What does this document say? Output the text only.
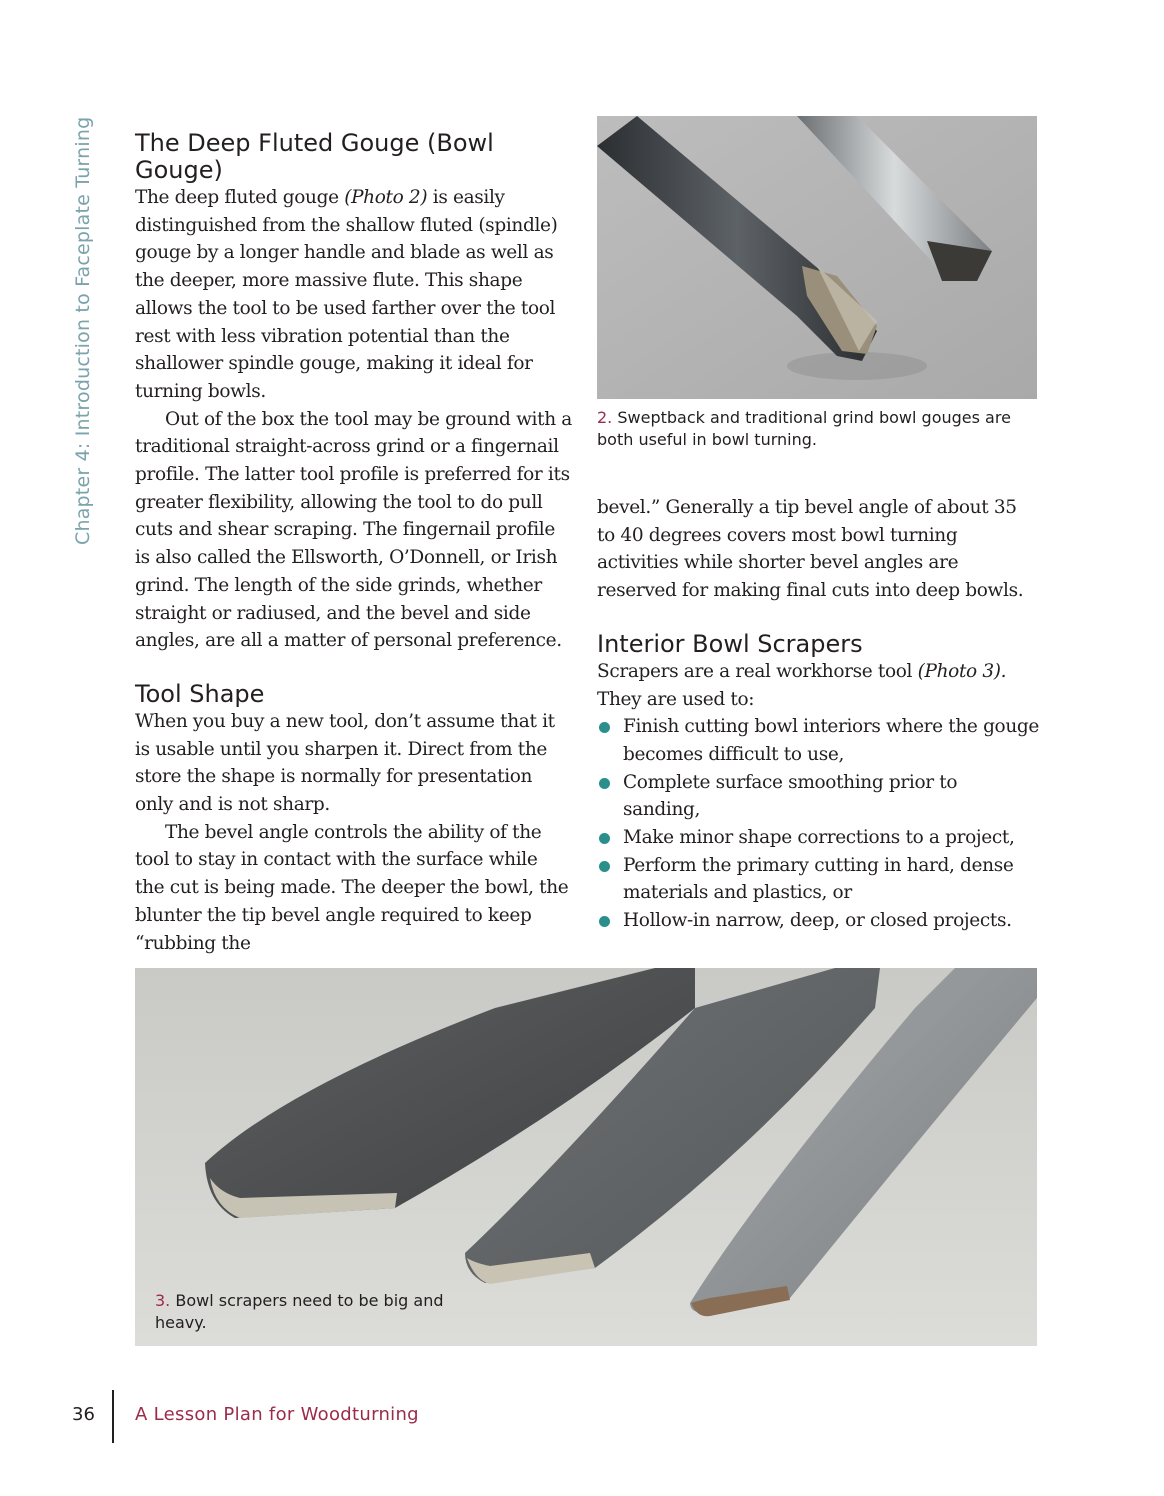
Chapter 4: Introduction to Faceplate Turning The Deep Fluted Gouge (Bowl Gouge)

The deep fluted gouge (Photo 2) is easily distinguished from the shallow fluted (spindle) gouge by a longer handle and blade as well as the deeper, more massive flute. This shape allows the tool to be used farther over the tool rest with less vibration potential than the shallower spindle gouge, making it ideal for turning bowls.

Out of the box the tool may be ground with a traditional straight-across grind or a fingernail profile. The latter tool profile is preferred for its greater flexibility, allowing the tool to do pull cuts and shear scraping. The fingernail profile is also called the Ellsworth, O’Donnell, or Irish grind. The length of the side grinds, whether straight or radiused, and the bevel and side angles, are all a matter of personal preference.

Tool Shape

When you buy a new tool, don’t assume that it is usable until you sharpen it. Direct from the store the shape is normally for presentation only and is not sharp.

The bevel angle controls the ability of the tool to stay in contact with the surface while the cut is being made. The deeper the bowl, the blunter the tip bevel angle required to keep “rubbing the

2. Sweptback and traditional grind bowl gouges are both useful in bowl turning.

bevel.” Generally a tip bevel angle of about 35 to 40 degrees covers most bowl turning activities while shorter bevel angles are reserved for making final cuts into deep bowls.

Interior Bowl Scrapers

Scrapers are a real workhorse tool (Photo 3). They are used to:

Finish cutting bowl interiors where the gouge becomes difficult to use,
Complete surface smoothing prior to sanding,
Make minor shape corrections to a project,
Perform the primary cutting in hard, dense materials and plastics, or
Hollow-in narrow, deep, or closed projects.
3. Bowl scrapers need to be big and heavy.
36 A Lesson Plan for Woodturning
